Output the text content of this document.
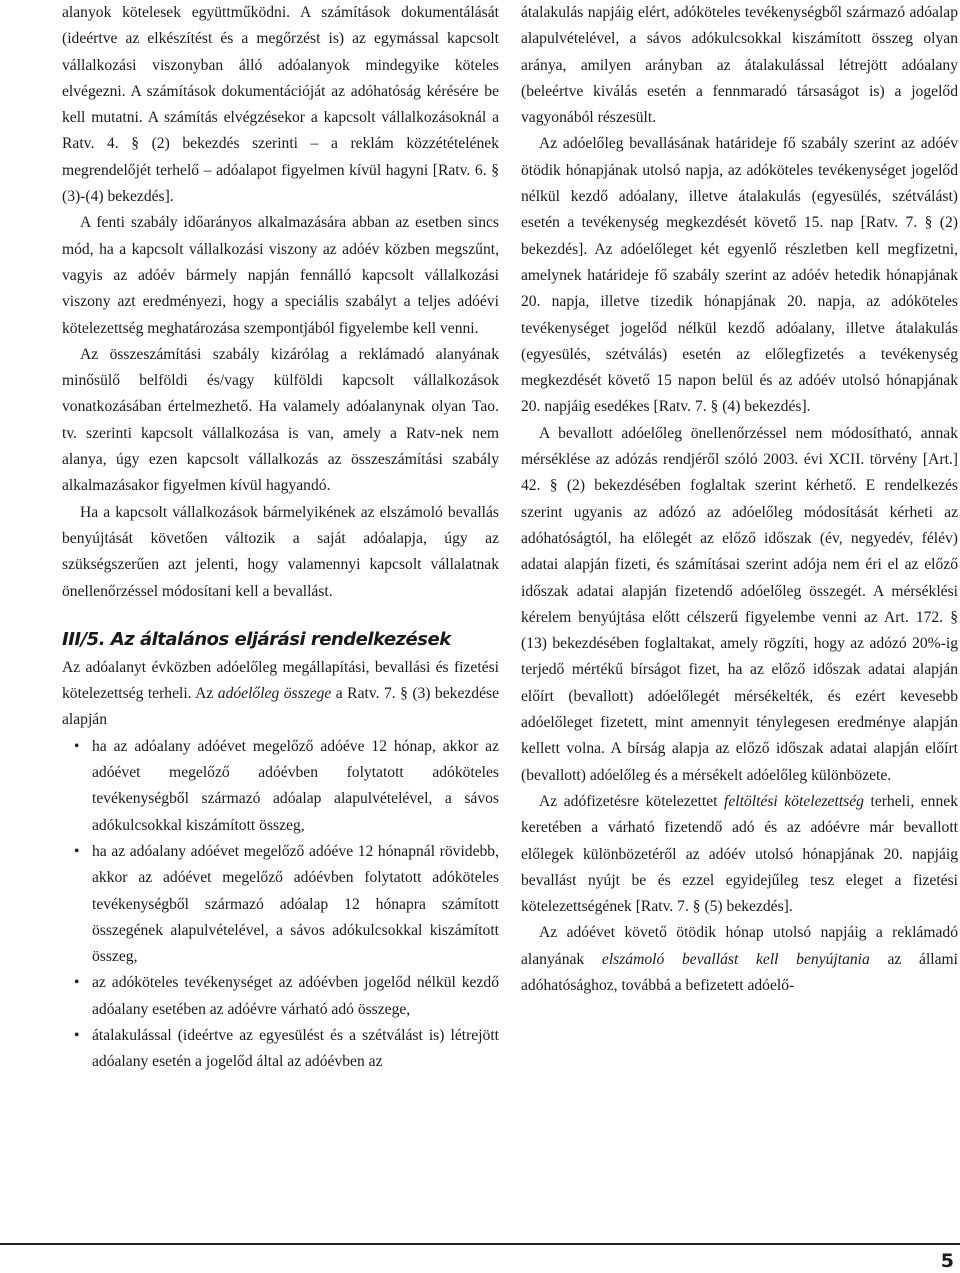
alanyok kötelesek együttműködni. A számítások dokumentálását (ideértve az elkészítést és a megőrzést is) az egymással kapcsolt vállalkozási viszonyban álló adóalanyok mindegyike köteles elvégezni. A számítások dokumentációját az adóhatóság kérésére be kell mutatni. A számítás elvégzésekor a kapcsolt vállalkozásoknál a Ratv. 4. § (2) bekezdés szerinti – a reklám közzétételének megrendelőjét terhelő – adóalapot figyelmen kívül hagyni [Ratv. 6. § (3)-(4) bekezdés].

A fenti szabály időarányos alkalmazására abban az esetben sincs mód, ha a kapcsolt vállalkozási viszony az adóév közben megszűnt, vagyis az adóév bármely napján fennálló kapcsolt vállalkozási viszony azt eredményezi, hogy a speciális szabályt a teljes adóévi kötelezettség meghatározása szempontjából figyelembe kell venni.

Az összeszámítási szabály kizárólag a reklámadó alanyának minősülő belföldi és/vagy külföldi kapcsolt vállalkozások vonatkozásában értelmezhető. Ha valamely adóalanynak olyan Tao. tv. szerinti kapcsolt vállalkozása is van, amely a Ratv-nek nem alanya, úgy ezen kapcsolt vállalkozás az összeszámítási szabály alkalmazásakor figyelmen kívül hagyandó.

Ha a kapcsolt vállalkozások bármelyikének az elszámoló bevallás benyújtását követően változik a saját adóalapja, úgy az szükségszerűen azt jelenti, hogy valamennyi kapcsolt vállalatnak önellenőrzéssel módosítani kell a bevallást.

III/5. Az általános eljárási rendelkezések

Az adóalanyt évközben adóelőleg megállapítási, bevallási és fizetési kötelezettség terheli. Az adóelőleg összege a Ratv. 7. § (3) bekezdése alapján

• ha az adóalany adóévet megelőző adóéve 12 hónap, akkor az adóévet megelőző adóévben folytatott adóköteles tevékenységből származó adóalap alapulvételével, a sávos adókulcsokkal kiszámított összeg,
• ha az adóalany adóévet megelőző adóéve 12 hónapnál rövidebb, akkor az adóévet megelőző adóévben folytatott adóköteles tevékenységből származó adóalap 12 hónapra számított összegének alapulvételével, a sávos adókulcsokkal kiszámított összeg,
• az adóköteles tevékenységet az adóévben jogelőd nélkül kezdő adóalany esetében az adóévre várható adó összege,
• átalakulással (ideértve az egyesülést és a szétválást is) létrejött adóalany esetén a jogelőd által az adóévben az

átalakulás napjáig elért, adóköteles tevékenységből származó adóalap alapulvételével, a sávos adókulcsokkal kiszámított összeg olyan aránya, amilyen arányban az átalakulással létrejött adóalany (beleértve kiválás esetén a fennmaradó társaságot is) a jogelőd vagyonából részesült.

Az adóelőleg bevallásának határideje fő szabály szerint az adóév ötödik hónapjának utolsó napja, az adóköteles tevékenységet jogelőd nélkül kezdő adóalany, illetve átalakulás (egyesülés, szétválást) esetén a tevékenység megkezdését követő 15. nap [Ratv. 7. § (2) bekezdés]. Az adóelőleget két egyenlő részletben kell megfizetni, amelynek határideje fő szabály szerint az adóév hetedik hónapjának 20. napja, illetve tizedik hónapjának 20. napja, az adóköteles tevékenységet jogelőd nélkül kezdő adóalany, illetve átalakulás (egyesülés, szétválás) esetén az előlegfizetés a tevékenység megkezdését követő 15 napon belül és az adóév utolsó hónapjának 20. napjáig esedékes [Ratv. 7. § (4) bekezdés].

A bevallott adóelőleg önellenőrzéssel nem módosítható, annak mérséklése az adózás rendjéről szóló 2003. évi XCII. törvény [Art.] 42. § (2) bekezdésében foglaltak szerint kérhető. E rendelkezés szerint ugyanis az adózó az adóelőleg módosítását kérheti az adóhatóságtól, ha előlegét az előző időszak (év, negyedév, félév) adatai alapján fizeti, és számításai szerint adója nem éri el az előző időszak adatai alapján fizetendő adóelőleg összegét. A mérséklési kérelem benyújtása előtt célszerű figyelembe venni az Art. 172. § (13) bekezdésében foglaltakat, amely rögzíti, hogy az adózó 20%-ig terjedő mértékű bírságot fizet, ha az előző időszak adatai alapján előírt (bevallott) adóelőlegét mérsékelték, és ezért kevesebb adóelőleget fizetett, mint amennyit ténylegesen eredménye alapján kellett volna. A bírság alapja az előző időszak adatai alapján előírt (bevallott) adóelőleg és a mérsékelt adóelőleg különbözete.

Az adófizetésre kötelezettet feltöltési kötelezettség terheli, ennek keretében a várható fizetendő adó és az adóévre már bevallott előlegek különbözetéről az adóév utolsó hónapjának 20. napjáig bevallást nyújt be és ezzel egyidejűleg tesz eleget a fizetési kötelezettségének [Ratv. 7. § (5) bekezdés].

Az adóévet követő ötödik hónap utolsó napjáig a reklámadó alanyának elszámoló bevallást kell benyújtania az állami adóhatósághoz, továbbá a befizetett adóelő-

5
